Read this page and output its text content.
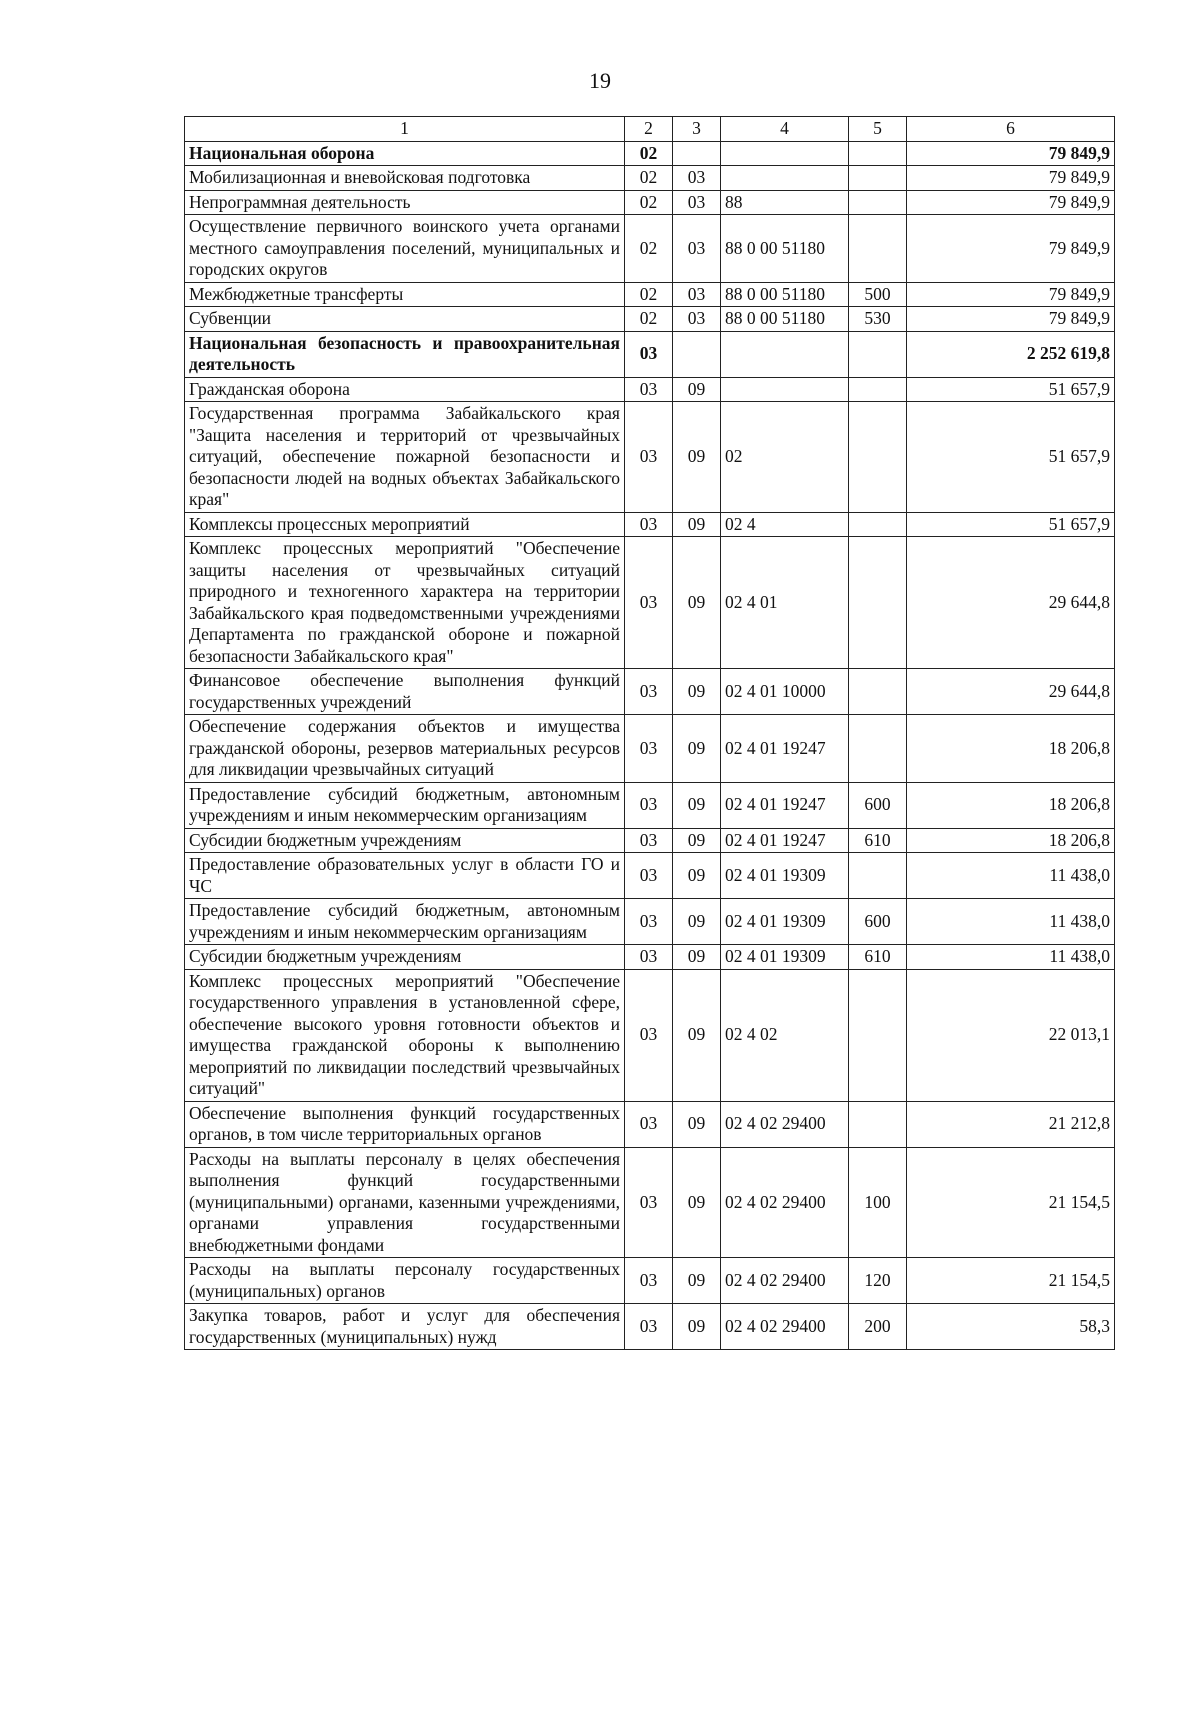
19
1	2	3	4	5	6
Национальная оборона	02				79 849,9
Мобилизационная и вневойсковая подготовка	02	03			79 849,9
Непрограммная деятельность	02	03	88		79 849,9
Осуществление первичного воинского учета органами местного самоуправления поселений, муниципальных и городских округов	02	03	88 0 00 51180		79 849,9
Межбюджетные трансферты	02	03	88 0 00 51180	500	79 849,9
Субвенции	02	03	88 0 00 51180	530	79 849,9
Национальная безопасность и правоохранительная деятельность	03				2 252 619,8
Гражданская оборона	03	09			51 657,9
Государственная программа Забайкальского края "Защита населения и территорий от чрезвычайных ситуаций, обеспечение пожарной безопасности и безопасности людей на водных объектах Забайкальского края"	03	09	02		51 657,9
Комплексы процессных мероприятий	03	09	02 4		51 657,9
Комплекс процессных мероприятий "Обеспечение защиты населения от чрезвычайных ситуаций природного и техногенного характера на территории Забайкальского края подведомственными учреждениями Департамента по гражданской обороне и пожарной безопасности Забайкальского края"	03	09	02 4 01		29 644,8
Финансовое обеспечение выполнения функций государственных учреждений	03	09	02 4 01 10000		29 644,8
Обеспечение содержания объектов и имущества гражданской обороны, резервов материальных ресурсов для ликвидации чрезвычайных ситуаций	03	09	02 4 01 19247		18 206,8
Предоставление субсидий бюджетным, автономным учреждениям и иным некоммерческим организациям	03	09	02 4 01 19247	600	18 206,8
Субсидии бюджетным учреждениям	03	09	02 4 01 19247	610	18 206,8
Предоставление образовательных услуг в области ГО и ЧС	03	09	02 4 01 19309		11 438,0
Предоставление субсидий бюджетным, автономным учреждениям и иным некоммерческим организациям	03	09	02 4 01 19309	600	11 438,0
Субсидии бюджетным учреждениям	03	09	02 4 01 19309	610	11 438,0
Комплекс процессных мероприятий "Обеспечение государственного управления в установленной сфере, обеспечение высокого уровня готовности объектов и имущества гражданской обороны к выполнению мероприятий по ликвидации последствий чрезвычайных ситуаций"	03	09	02 4 02		22 013,1
Обеспечение выполнения функций государственных органов, в том числе территориальных органов	03	09	02 4 02 29400		21 212,8
Расходы на выплаты персоналу в целях обеспечения выполнения функций государственными (муниципальными) органами, казенными учреждениями, органами управления государственными внебюджетными фондами	03	09	02 4 02 29400	100	21 154,5
Расходы на выплаты персоналу государственных (муниципальных) органов	03	09	02 4 02 29400	120	21 154,5
Закупка товаров, работ и услуг для обеспечения государственных (муниципальных) нужд	03	09	02 4 02 29400	200	58,3
